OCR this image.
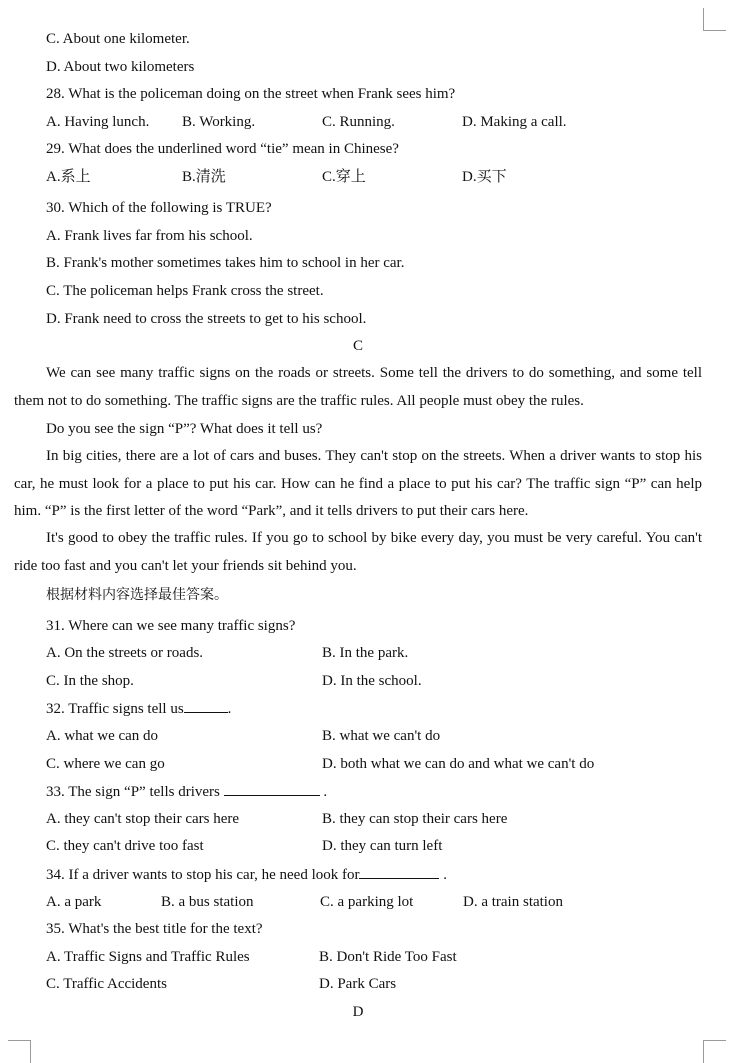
C. About one kilometer.
D. About two kilometers
28. What is the policeman doing on the street when Frank sees him?
A. Having lunch. B. Working.	C. Running.	D. Making a call.
29. What does the underlined word “tie” mean in Chinese?
A.系上	B.清洗	C.穿上	D.买下
30. Which of the following is TRUE?
A. Frank lives far from his school.
B. Frank's mother sometimes takes him to school in her car.
C. The policeman helps Frank cross the street.
D. Frank need to cross the streets to get to his school.
C
We can see many traffic signs on the roads or streets. Some tell the drivers to do something, and some tell them not to do something. The traffic signs are the traffic rules. All people must obey the rules.
Do you see the sign “P”? What does it tell us?
In big cities, there are a lot of cars and buses. They can't stop on the streets. When a driver wants to stop his car, he must look for a place to put his car. How can he find a place to put his car? The traffic sign “P” can help him. “P” is the first letter of the word “Park”, and it tells drivers to put their cars here.
It's good to obey the traffic rules. If you go to school by bike every day, you must be very careful. You can't ride too fast and you can't let your friends sit behind you.
根据材料内容选择最佳答案。
31. Where can we see many traffic signs?
A. On the streets or roads.	B. In the park.
C. In the shop.	D. In the school.
32. Traffic signs tell us	.
A. what we can do	B. what we can't do
C. where we can go	D. both what we can do and what we can't do
33. The sign “P” tells drivers	.
A. they can't stop their cars here	B. they can stop their cars here
C. they can't drive too fast	D. they can turn left
34. If a driver wants to stop his car, he need look for	.
A. a park	B. a bus station	C. a parking lot	D. a train station
35. What's the best title for the text?
A. Traffic Signs and Traffic Rules	B. Don't Ride Too Fast
C. Traffic Accidents	D. Park Cars
D
